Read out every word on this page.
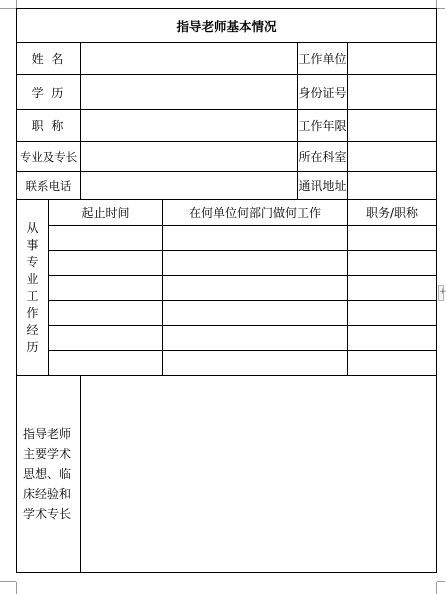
+
指导老师基本情况					
姓 名				工作单位	
学 历				身份证号	
职 称				工作年限	
专业及专长				所在科室	
联系电话				通讯地址	
从事专业工作经历	起止时间		在何单位何部门做何工作		职务/职称

指导老师主要学术思想、临床经验和学术专长					
